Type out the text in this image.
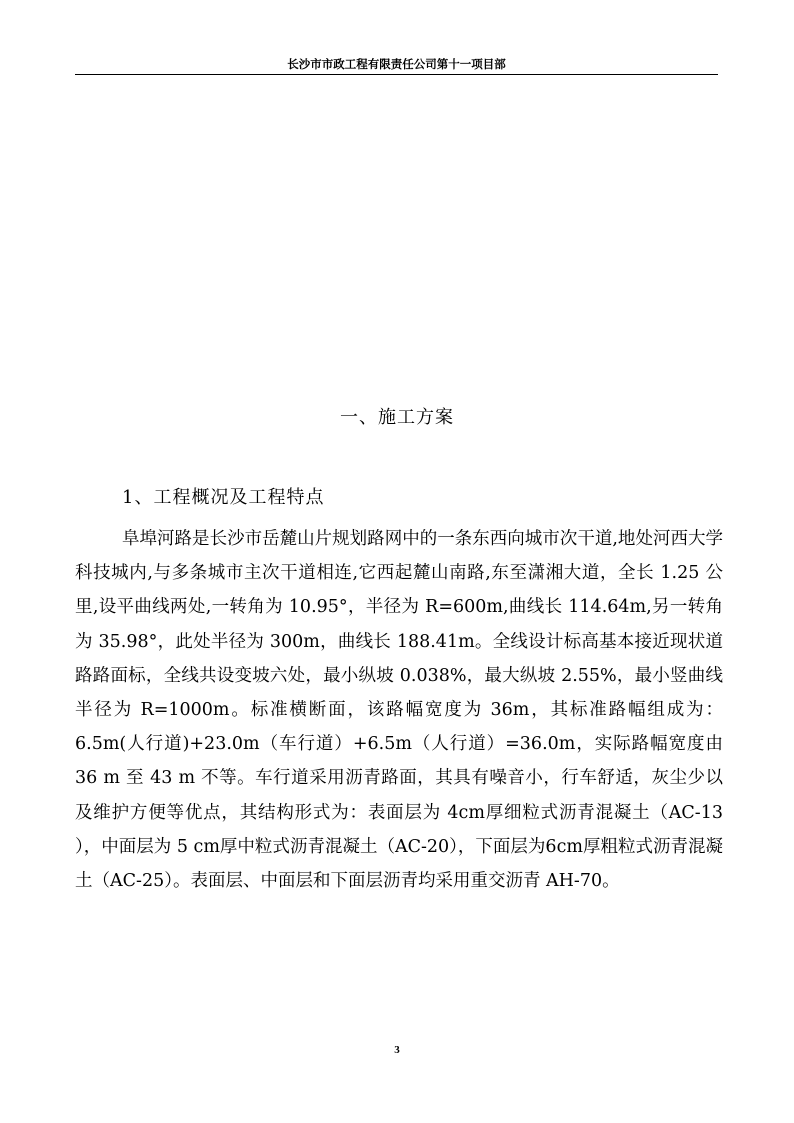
长沙市市政工程有限责任公司第十一项目部
一、施工方案
1、工程概况及工程特点

阜埠河路是长沙市岳麓山片规划路网中的一条东西向城市次干道,地处河西大学科技城内,与多条城市主次干道相连,它西起麓山南路,东至潇湘大道，全长 1.25 公里,设平曲线两处,一转角为 10.95°，半径为 R=600m,曲线长 114.64m,另一转角为 35.98°，此处半径为 300m，曲线长 188.41m。全线设计标高基本接近现状道路路面标，全线共设变坡六处，最小纵坡 0.038%，最大纵坡 2.55%，最小竖曲线半径为 R=1000m。标准横断面，该路幅宽度为 36m，其标准路幅组成为：6.5m(人行道)+23.0m（车行道）+6.5m（人行道）=36.0m，实际路幅宽度由 36 m 至 43 m 不等。车行道采用沥青路面，其具有噪音小，行车舒适，灰尘少以及维护方便等优点，其结构形式为：表面层为 4cm厚细粒式沥青混凝土（AC-13 ），中面层为 5 cm厚中粒式沥青混凝土（AC-20），下面层为6cm厚粗粒式沥青混凝土（AC-25）。表面层、中面层和下面层沥青均采用重交沥青 AH-70。

3
